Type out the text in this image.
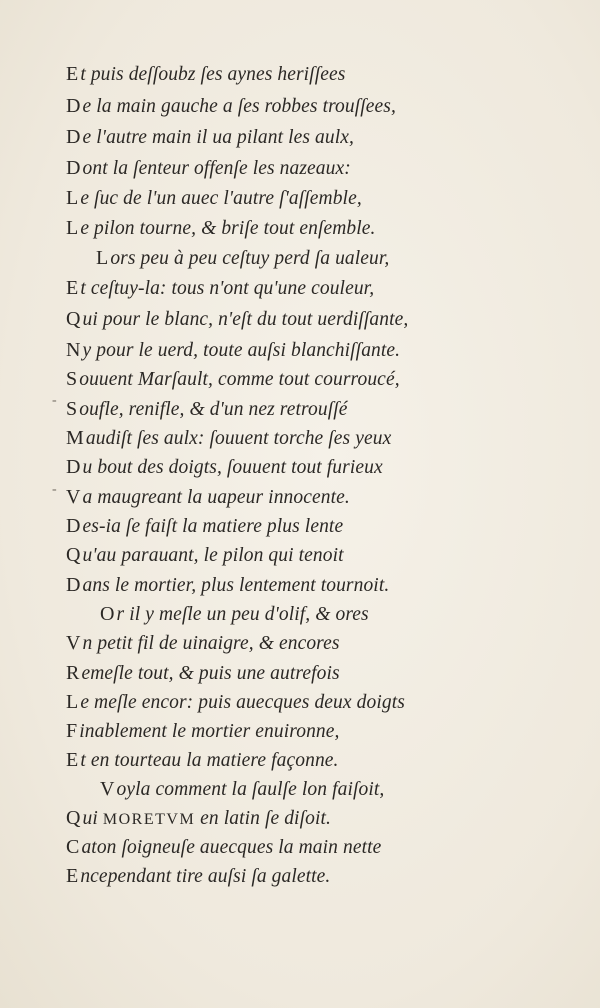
E t puis deſſoubz ſes aynes heriſſees
D e la main gauche a ſes robbes trouſſees,
D e l'autre main il ua pilant les aulx,
D ont la ſenteur offenſe les nazeaux:
L e ſuc de l'un auec l'autre ſ'aſſemble,
L e pilon tourne, & briſe tout enſemble.
L ors peu à peu ceſtuy perd ſa ualeur,
E t ceſtuy-la: tous n'ont qu'une couleur,
Q ui pour le blanc, n'eſt du tout uerdiſſante,
N y pour le uerd, toute auſsi blanchiſſante.
S ouuent Marſault, comme tout courroucé,
S oufle, renifle, & d'un nez retrouſſé
M audiſt ſes aulx: ſouuent torche ſes yeux
D u bout des doigts, ſouuent tout furieux
V a maugreant la uapeur innocente.
D es-ia ſe faiſt la matiere plus lente
Q u'au parauant, le pilon qui tenoit
D ans le mortier, plus lentement tournoit.
O r il y meſle un peu d'olif, & ores
V n petit fil de uinaigre, & encores
R emeſle tout, & puis une autrefois
L e meſle encor: puis auecques deux doigts
F inablement le mortier enuironne,
E t en tourteau la matiere façonne.
V oyla comment la ſaulſe lon faiſoit,
Q ui MORETVM en latin ſe diſoit.
C aton ſoigneuſe auecques la main nette
E ncependant tire auſsi ſa galette.
-
-
